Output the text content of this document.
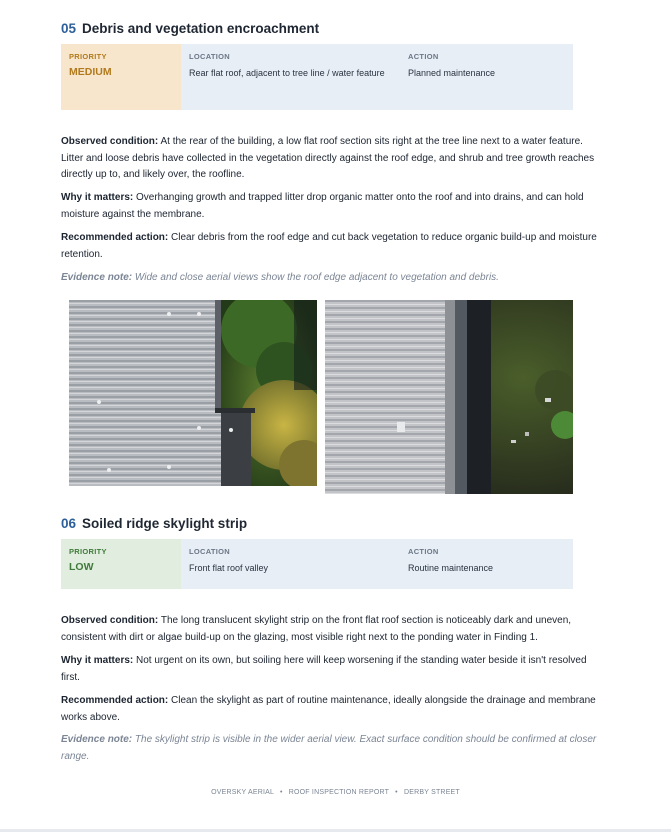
05 Debris and vegetation encroachment
PRIORITY
MEDIUM
LOCATION
Rear flat roof, adjacent to tree line / water feature
ACTION
Planned maintenance

Observed condition: At the rear of the building, a low flat roof section sits right at the tree line next to a water feature. Litter and loose debris have collected in the vegetation directly against the roof edge, and shrub and tree growth reaches directly up to, and likely over, the roofline.

Why it matters: Overhanging growth and trapped litter drop organic matter onto the roof and into drains, and can hold moisture against the membrane.

Recommended action: Clear debris from the roof edge and cut back vegetation to reduce organic build-up and moisture retention.

Evidence note: Wide and close aerial views show the roof edge adjacent to vegetation and debris.

06 Soiled ridge skylight strip
PRIORITY
LOW
LOCATION
Front flat roof valley
ACTION
Routine maintenance

Observed condition: The long translucent skylight strip on the front flat roof section is noticeably dark and uneven, consistent with dirt or algae build-up on the glazing, most visible right next to the ponding water in Finding 1.

Why it matters: Not urgent on its own, but soiling here will keep worsening if the standing water beside it isn't resolved first.

Recommended action: Clean the skylight as part of routine maintenance, ideally alongside the drainage and membrane works above.

Evidence note: The skylight strip is visible in the wider aerial view. Exact surface condition should be confirmed at closer range.

OVERSKY AERIAL • ROOF INSPECTION REPORT • DERBY STREET
